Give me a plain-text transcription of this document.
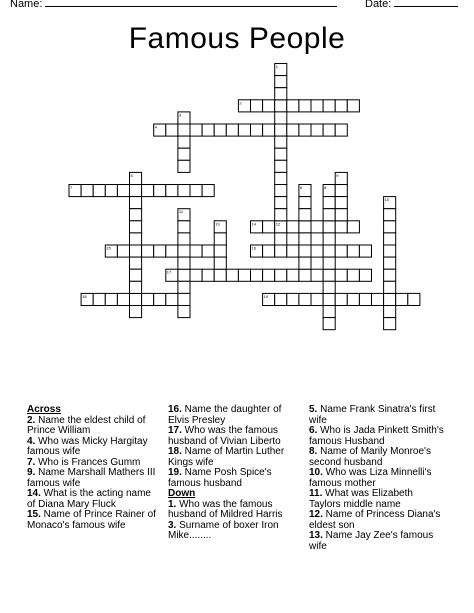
Name:	Date:
Famous People
1
2
3
4
5
6
7	8
9
10
11
12
13	14
15	16
17
18	19
Across
2. Name the eldest child of Prince William
4. Who was Micky Hargitay famous wife
7. Who is Frances Gumm
9. Name Marshall Mathers III famous wife
14. What is the acting name of Diana Mary Fluck
15. Name of Prince Rainer of Monaco's famous wife
16. Name the daughter of Elvis Presley
17. Who was the famous husband of Vivian Liberto
18. Name of Martin Luther Kings wife
19. Name Posh Spice's famous husband
Down
1. Who was the famous husband of Mildred Harris
3. Surname of boxer Iron Mike........
5. Name Frank Sinatra's first wife
6. Who is Jada Pinkett Smith's famous Husband
8. Name of Marily Monroe's second husband
10. Who was Liza Minnelli's famous mother
11. What was Elizabeth Taylors middle name
12. Name of Princess Diana's eldest son
13. Name Jay Zee's famous wife
